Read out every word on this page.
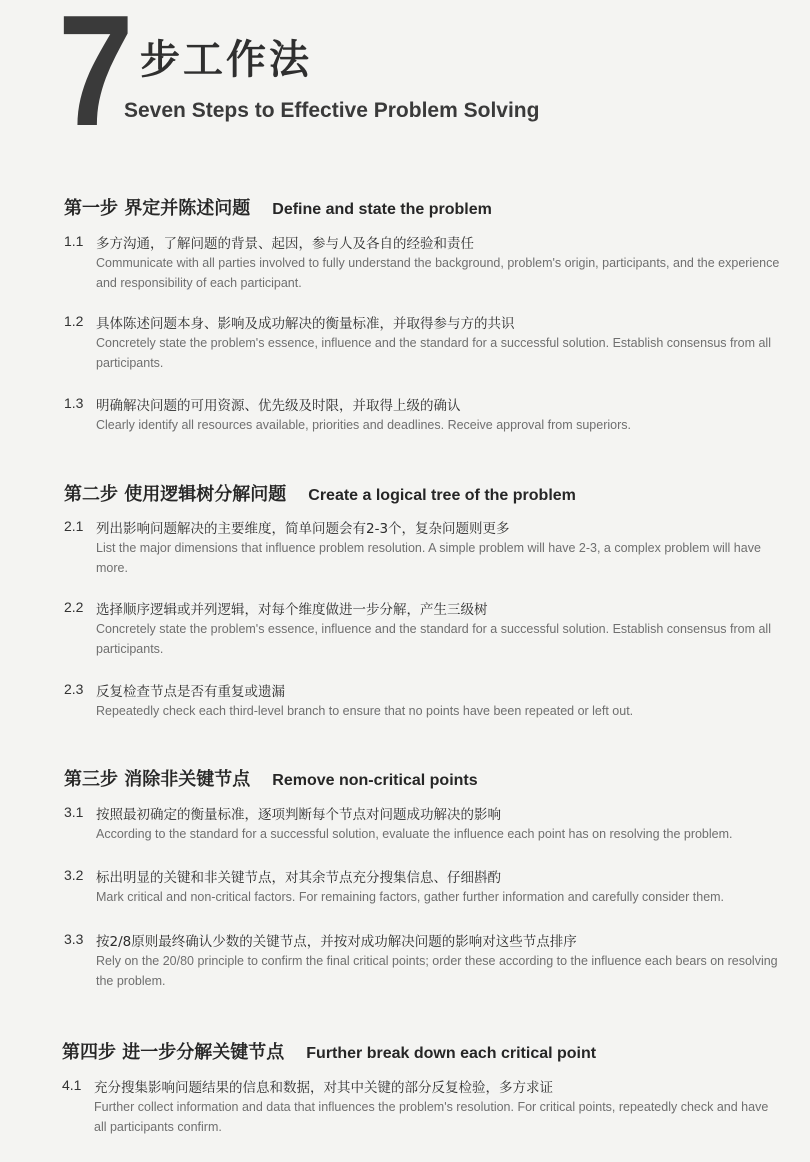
7 步工作法
Seven Steps to Effective Problem Solving
第一步 界定并陈述问题 Define and state the problem
1.1 多方沟通，了解问题的背景、起因，参与人及各自的经验和责任
Communicate with all parties involved to fully understand the background, problem's origin, participants, and the experience and responsibility of each participant.
1.2 具体陈述问题本身、影响及成功解决的衡量标准，并取得参与方的共识
Concretely state the problem's essence, influence and the standard for a successful solution. Establish consensus from all participants.
1.3 明确解决问题的可用资源、优先级及时限，并取得上级的确认
Clearly identify all resources available, priorities and deadlines. Receive approval from superiors.
第二步 使用逻辑树分解问题 Create a logical tree of the problem
2.1 列出影响问题解决的主要维度，简单问题会有2-3个，复杂问题则更多
List the major dimensions that influence problem resolution. A simple problem will have 2-3, a complex problem will have more.
2.2 选择顺序逻辑或并列逻辑，对每个维度做进一步分解，产生三级树
Concretely state the problem's essence, influence and the standard for a successful solution. Establish consensus from all participants.
2.3 反复检查节点是否有重复或遗漏
Repeatedly check each third-level branch to ensure that no points have been repeated or left out.
第三步 消除非关键节点 Remove non-critical points
3.1 按照最初确定的衡量标准，逐项判断每个节点对问题成功解决的影响
According to the standard for a successful solution, evaluate the influence each point has on resolving the problem.
3.2 标出明显的关键和非关键节点，对其余节点充分搜集信息、仔细斟酌
Mark critical and non-critical factors. For remaining factors, gather further information and carefully consider them.
3.3 按2/8原则最终确认少数的关键节点，并按对成功解决问题的影响对这些节点排序
Rely on the 20/80 principle to confirm the final critical points; order these according to the influence each bears on resolving the problem.
第四步 进一步分解关键节点 Further break down each critical point
4.1 充分搜集影响问题结果的信息和数据，对其中关键的部分反复检验，多方求证
Further collect information and data that influences the problem's resolution. For critical points, repeatedly check and have all participants confirm.
